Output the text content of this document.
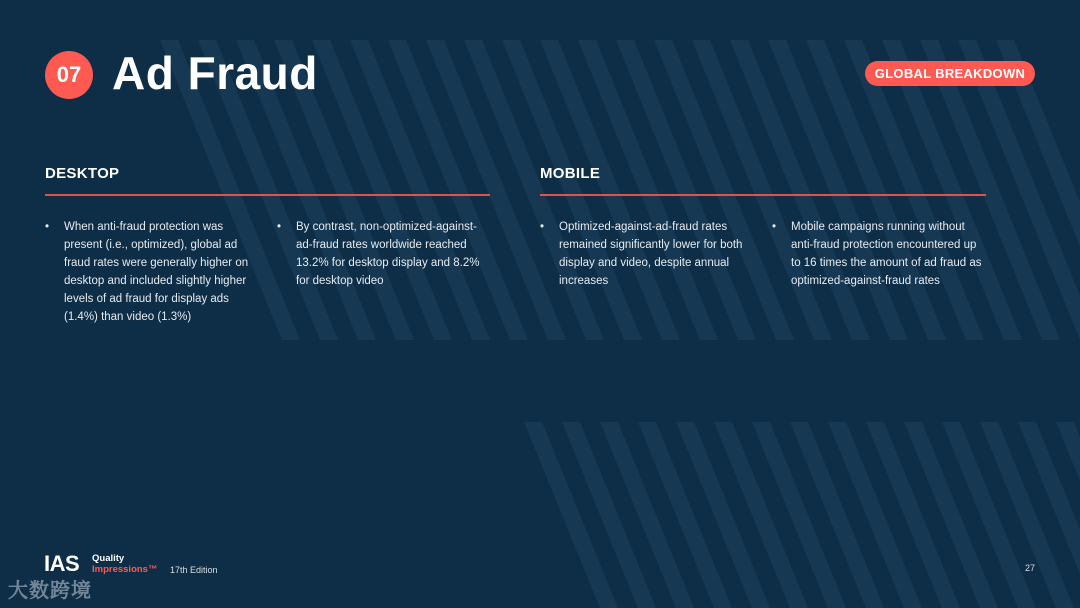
07 Ad Fraud	GLOBAL BREAKDOWN
DESKTOP
•	When anti-fraud protection was present (i.e., optimized), global ad fraud rates were generally higher on desktop and included slightly higher levels of ad fraud for display ads (1.4%) than video (1.3%)
•	By contrast, non-optimized-against-ad-fraud rates worldwide reached 13.2% for desktop display and 8.2% for desktop video
MOBILE
•	Optimized-against-ad-fraud rates remained significantly lower for both display and video, despite annual increases
•	Mobile campaigns running without anti-fraud protection encountered up to 16 times the amount of ad fraud as optimized-against-fraud rates
IAS Quality
Impressions™ 17th Edition	27
大数跨境
